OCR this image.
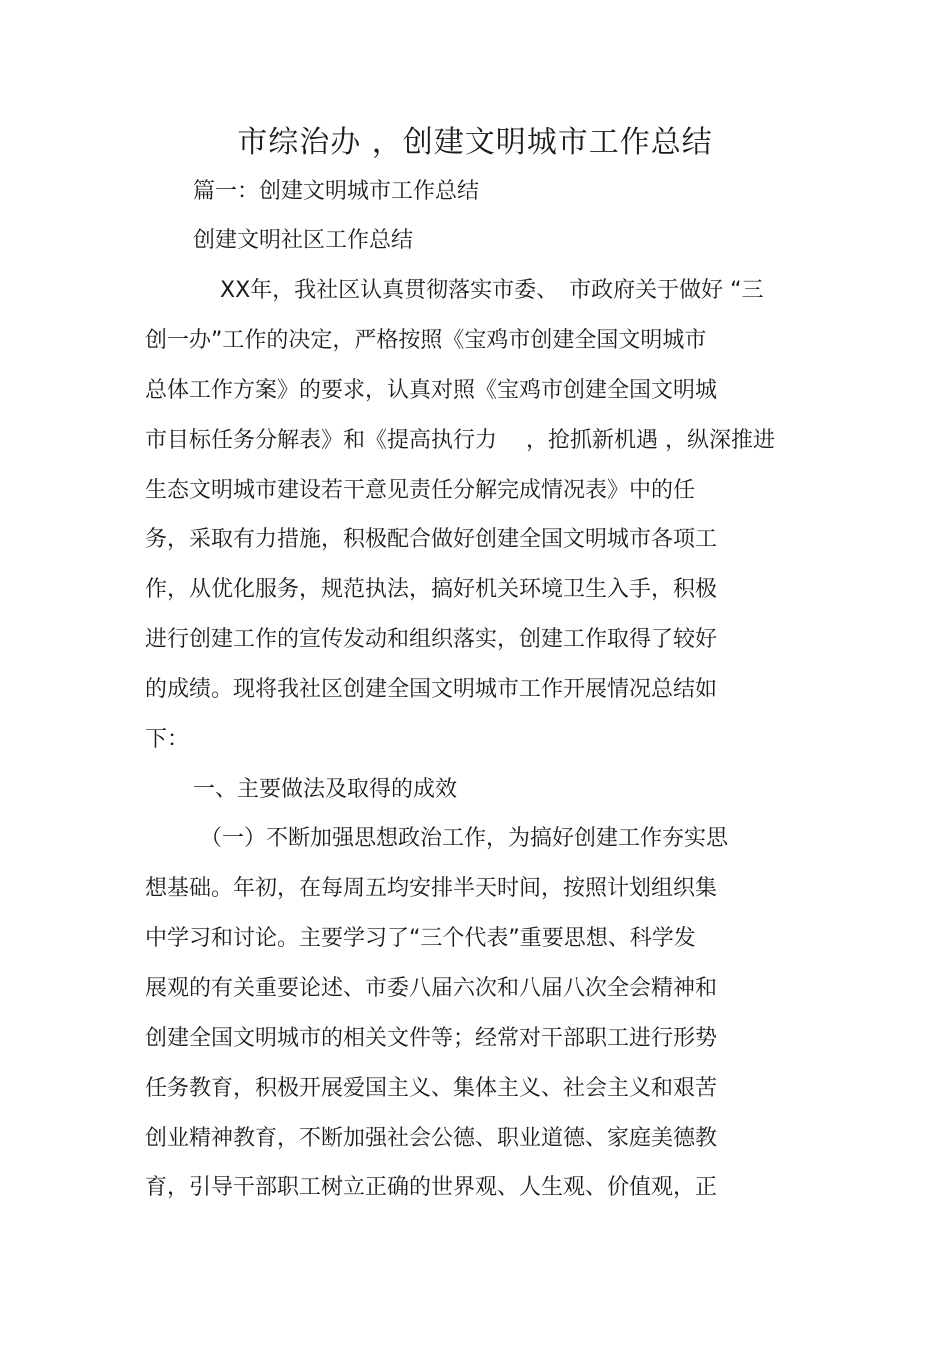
市综治办 ，创建文明城市工作总结
篇一：创建文明城市工作总结
创建文明社区工作总结
XX年，我社区认真贯彻落实市委、　市政府关于做好 “三
创一办”工作的决定，严格按照《宝鸡市创建全国文明城市
总体工作方案》的要求，认真对照《宝鸡市创建全国文明城
市目标任务分解表》和《提高执行力　 ，抢抓新机遇 ，纵深推进
生态文明城市建设若干意见责任分解完成情况表》中的任
务，采取有力措施，积极配合做好创建全国文明城市各项工
作，从优化服务，规范执法，搞好机关环境卫生入手，积极
进行创建工作的宣传发动和组织落实，创建工作取得了较好
的成绩。现将我社区创建全国文明城市工作开展情况总结如
下：
一、主要做法及取得的成效
（一）不断加强思想政治工作，为搞好创建工作夯实思
想基础。年初，在每周五均安排半天时间，按照计划组织集
中学习和讨论。主要学习了“三个代表”重要思想、科学发
展观的有关重要论述、市委八届六次和八届八次全会精神和
创建全国文明城市的相关文件等；经常对干部职工进行形势
任务教育，积极开展爱国主义、集体主义、社会主义和艰苦
创业精神教育，不断加强社会公德、职业道德、家庭美德教
育，引导干部职工树立正确的世界观、人生观、价值观，正
